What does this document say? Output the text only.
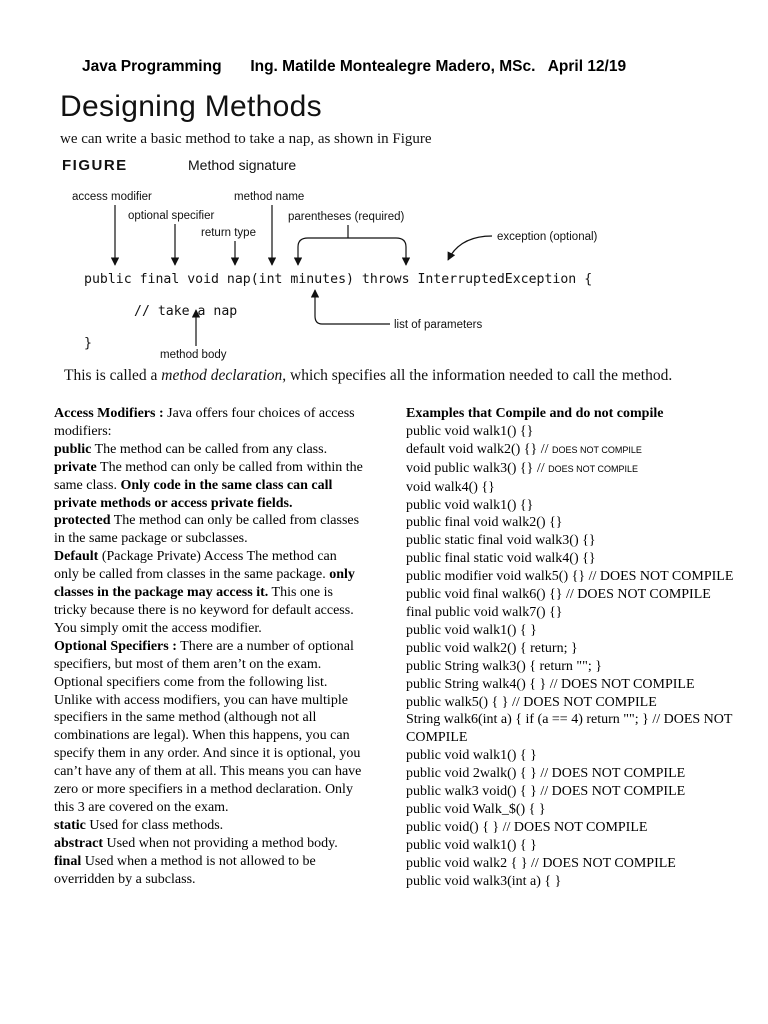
Java Programming Ing. Matilde Montealegre Madero, MSc. April 12/19
Designing Methods
we can write a basic method to take a nap, as shown in Figure
FIGURE	Method signature
access modifier
optional specifier
return type
method name
parentheses (required)
exception (optional)
list of parameters
method body
public final void nap(int minutes) throws InterruptedException {
// take a nap
}
This is called a method declaration, which specifies all the information needed to call the method.

Access Modifiers : Java offers four choices of access modifiers:

public The method can be called from any class.

private The method can only be called from within the same class. Only code in the same class can call private methods or access private fields.

protected The method can only be called from classes in the same package or subclasses.

Default (Package Private) Access The method can only be called from classes in the same package. only classes in the package may access it. This one is tricky because there is no keyword for default access. You simply omit the access modifier.

Optional Specifiers : There are a number of optional specifiers, but most of them aren’t on the exam. Optional specifiers come from the following list. Unlike with access modifiers, you can have multiple specifiers in the same method (although not all combinations are legal). When this happens, you can specify them in any order. And since it is optional, you can’t have any of them at all. This means you can have zero or more specifiers in a method declaration. Only this 3 are covered on the exam.

static Used for class methods.

abstract Used when not providing a method body.

final Used when a method is not allowed to be overridden by a subclass.

Examples that Compile and do not compile

public void walk1() {}

default void walk2() {} // DOES NOT COMPILE

void public walk3() {} // DOES NOT COMPILE

void walk4() {}

public void walk1() {}

public final void walk2() {}

public static final void walk3() {}

public final static void walk4() {}

public modifier void walk5() {} // DOES NOT COMPILE

public void final walk6() {} // DOES NOT COMPILE

final public void walk7() {}

public void walk1() { }

public void walk2() { return; }

public String walk3() { return ""; }

public String walk4() { } // DOES NOT COMPILE

public walk5() { } // DOES NOT COMPILE

String walk6(int a) { if (a == 4) return ""; } // DOES NOT COMPILE

public void walk1() { }

public void 2walk() { } // DOES NOT COMPILE

public walk3 void() { } // DOES NOT COMPILE

public void Walk_$() { }

public void() { } // DOES NOT COMPILE

public void walk1() { }

public void walk2 { } // DOES NOT COMPILE

public void walk3(int a) { }
